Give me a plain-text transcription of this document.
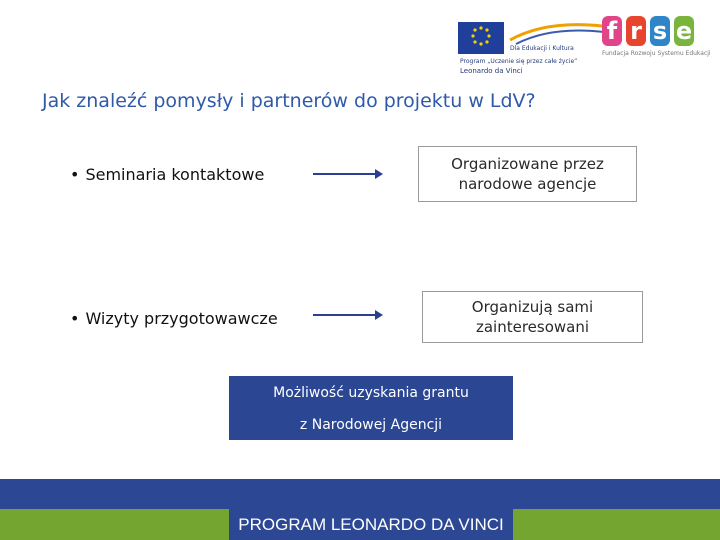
Dla Edukacji i Kultura
Program „Uczenie się przez całe życie”
Leonardo da Vinci
f r s e
Fundacja Rozwoju Systemu Edukacji
Jak znaleźć pomysły i partnerów do projektu w LdV?
• Seminaria kontaktowe
Organizowane przez
narodowe agencje
• Wizyty przygotowawcze
Organizują sami
zainteresowani
Możliwość uzyskania grantu
z Narodowej Agencji
PROGRAM LEONARDO DA VINCI
